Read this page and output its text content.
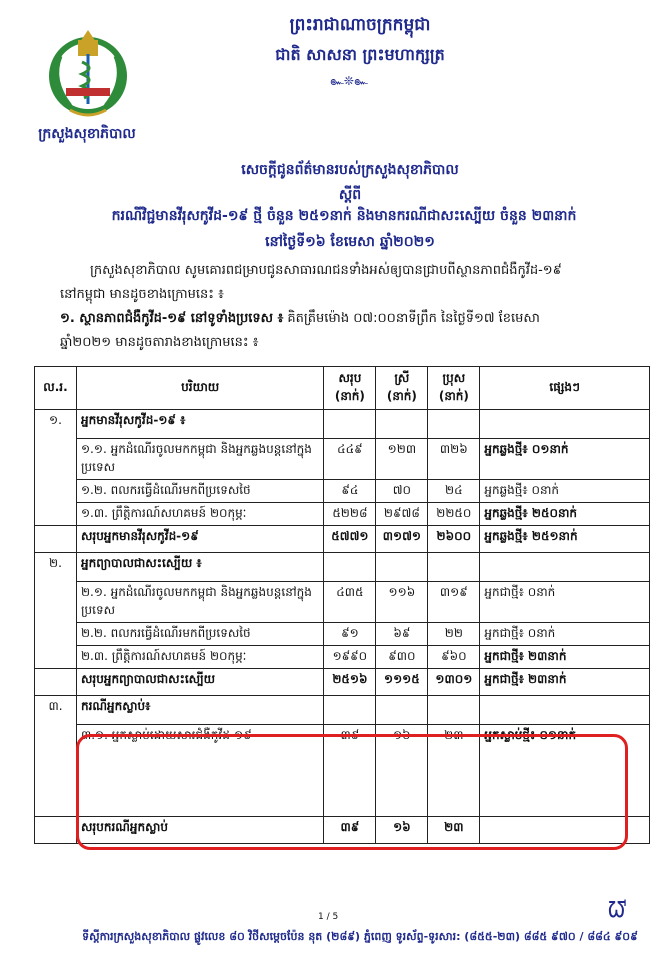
ក្រសួងសុខាភិបាល
ព្រះរាជាណាចក្រកម្ពុជា
ជាតិ សាសនា ព្រះមហាក្សត្រ
๛❊๛
សេចក្តីជូនព័ត៌មានរបស់ក្រសួងសុខាភិបាល
ស្តីពី
ករណីវិជ្ជមានវីរុសកូវីដ-១៩ ថ្មី ចំនួន ២៥១នាក់ និងមានករណីជាសះស្បើយ ចំនួន ២៣នាក់
នៅថ្ងៃទី១៦ ខែមេសា ឆ្នាំ២០២១
ក្រសួងសុខាភិបាល សូមគោរពជម្រាបជូនសាធារណជនទាំងអស់ឲ្យបានជ្រាបពីស្ថានភាពជំងឺកូវីដ-១៩
នៅកម្ពុជា មានដូចខាងក្រោមនេះ ៖
១. ស្ថានភាពជំងឺកូវីដ-១៩ នៅទូទាំងប្រទេស ៖ គិតត្រឹមម៉ោង ០៧:០០នាទីព្រឹក នៃថ្ងៃទី១៧ ខែមេសា
ឆ្នាំ២០២១ មានដូចតារាងខាងក្រោមនេះ ៖
ល.រ.	បរិយាយ	សរុប (នាក់)	ស្រី (នាក់)	ប្រុស (នាក់)	ផ្សេងៗ
១.	អ្នកមានវីរុសកូវីដ-១៩ ៖				
	១.១. អ្នកដំណើរចូលមកកម្ពុជា និងអ្នកឆ្លងបន្តនៅក្នុងប្រទេស	៤៤៩	១២៣	៣២៦	អ្នកឆ្លងថ្មី៖ ០១នាក់
	១.២. ពលករធ្វើដំណើរមកពីប្រទេសថៃ	៩៤	៧០	២៤	អ្នកឆ្លងថ្មី៖ ០នាក់
	១.៣. ព្រឹត្តិការណ៍សហគមន៍ ២០កុម្ភៈ	៥២២៨	២៩៧៨	២២៥០	អ្នកឆ្លងថ្មី៖ ២៥០នាក់
	សរុបអ្នកមានវីរុសកូវីដ-១៩	៥៧៧១	៣១៧១	២៦០០	អ្នកឆ្លងថ្មី៖ ២៥១នាក់
២.	អ្នកព្យាបាលជាសះស្បើយ ៖				
	២.១. អ្នកដំណើរចូលមកកម្ពុជា និងអ្នកឆ្លងបន្តនៅក្នុងប្រទេស	៤៣៥	១១៦	៣១៩	អ្នកជាថ្មី៖ ០នាក់
	២.២. ពលករធ្វើដំណើរមកពីប្រទេសថៃ	៩១	៦៩	២២	អ្នកជាថ្មី៖ ០នាក់
	២.៣. ព្រឹត្តិការណ៍សហគមន៍ ២០កុម្ភៈ	១៩៩០	៩៣០	៩៦០	អ្នកជាថ្មី៖ ២៣នាក់
	សរុបអ្នកព្យាបាលជាសះស្បើយ	២៥១៦	១១១៥	១៣០១	អ្នកជាថ្មី៖ ២៣នាក់
៣.	ករណីអ្នកស្លាប់៖				
	៣.១. អ្នកស្លាប់ដោយសារជំងឺកូវីដ-១៩	៣៩	១៦	២៣	អ្នកស្លាប់ថ្មី៖ ០១នាក់
	សរុបករណីអ្នកស្លាប់	៣៩	១៦	២៣	
ᘺ
1 / 5
ទីស្តីការក្រសួងសុខាភិបាល ផ្លូវលេខ ៨០ វិថីសម្តេចប៉ែន នុត (២៨៩) ភ្នំពេញ ទូរស័ព្ទ-ទូរសារ: (៨៥៥-២៣) ៨៨៥ ៩៧០ / ៨៨៤ ៩០៩
